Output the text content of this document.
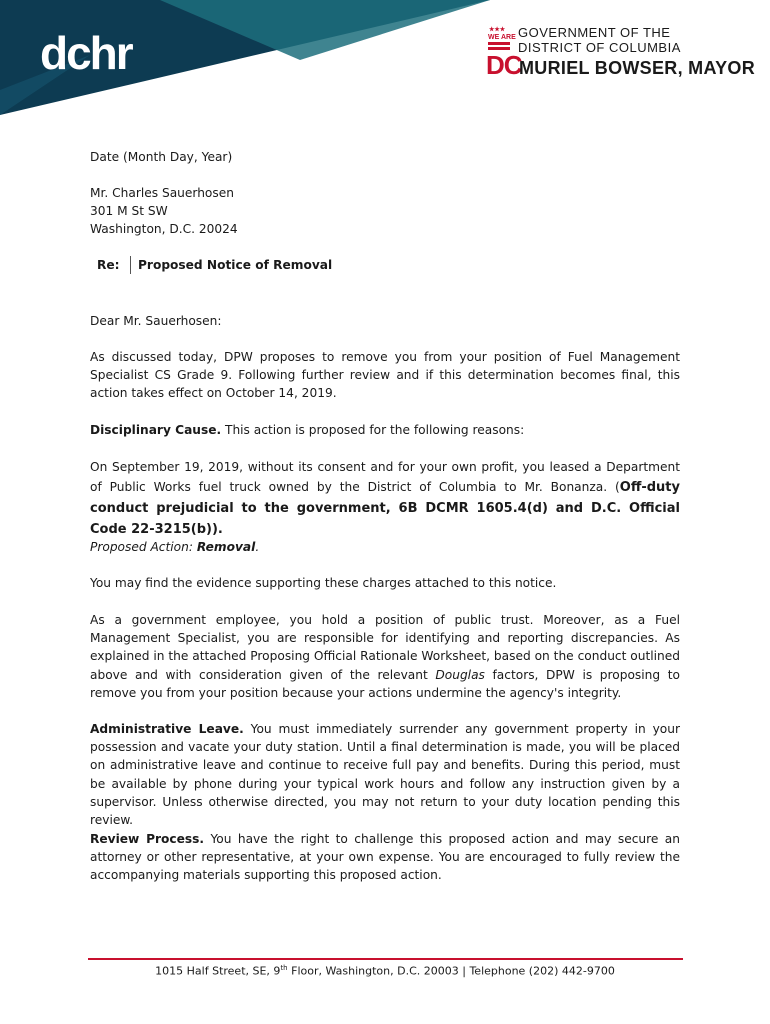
dchr	★★★
WE ARE
DC
GOVERNMENT OF THE
DISTRICT OF COLUMBIA
MURIEL BOWSER, MAYOR
Date (Month Day, Year)
Mr. Charles Sauerhosen
301 M St SW
Washington, D.C. 20024
Re: Proposed Notice of Removal
Dear Mr. Sauerhosen:
As discussed today, DPW proposes to remove you from your position of Fuel Management Specialist CS Grade 9. Following further review and if this determination becomes final, this action takes effect on October 14, 2019.
Disciplinary Cause. This action is proposed for the following reasons:
On September 19, 2019, without its consent and for your own profit, you leased a Department of Public Works fuel truck owned by the District of Columbia to Mr. Bonanza. (Off-duty conduct prejudicial to the government, 6B DCMR 1605.4(d) and D.C. Official Code 22-3215(b)).
Proposed Action: Removal.
You may find the evidence supporting these charges attached to this notice.
As a government employee, you hold a position of public trust. Moreover, as a Fuel Management Specialist, you are responsible for identifying and reporting discrepancies. As explained in the attached Proposing Official Rationale Worksheet, based on the conduct outlined above and with consideration given of the relevant Douglas factors, DPW is proposing to remove you from your position because your actions undermine the agency's integrity.
Administrative Leave. You must immediately surrender any government property in your possession and vacate your duty station. Until a final determination is made, you will be placed on administrative leave and continue to receive full pay and benefits. During this period, must be available by phone during your typical work hours and follow any instruction given by a supervisor. Unless otherwise directed, you may not return to your duty location pending this review.
Review Process. You have the right to challenge this proposed action and may secure an attorney or other representative, at your own expense. You are encouraged to fully review the accompanying materials supporting this proposed action.
1015 Half Street, SE, 9th Floor, Washington, D.C. 20003 | Telephone (202) 442-9700
